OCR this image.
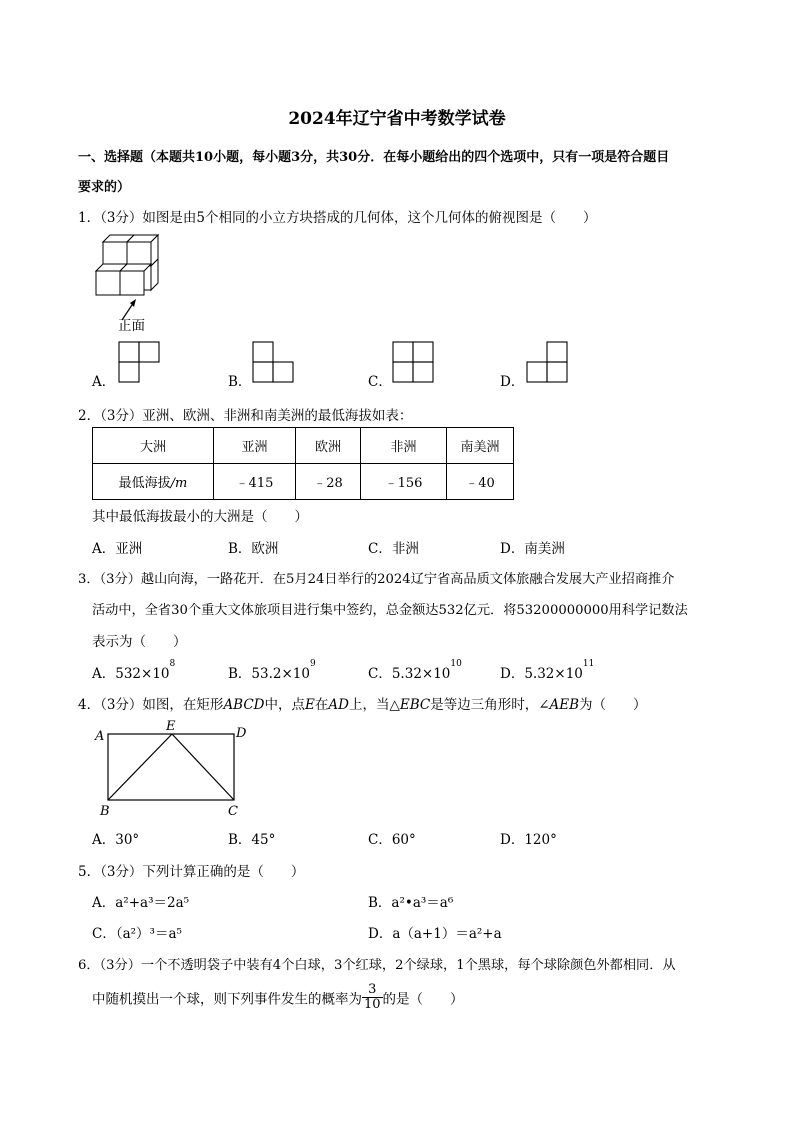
2024年辽宁省中考数学试卷
一、选择题（本题共10小题，每小题3分，共30分．在每小题给出的四个选项中，只有一项是符合题目
要求的）
1．（3分）如图是由5个相同的小立方块搭成的几何体，这个几何体的俯视图是（　　）
正面
A．	B．	C．	D．
2．（3分）亚洲、欧洲、非洲和南美洲的最低海拔如表：
大洲	亚洲	欧洲	非洲	南美洲
最低海拔/m	﹣415	﹣28	﹣156	﹣40
其中最低海拔最小的大洲是（　　）
A．亚洲	B．欧洲	C．非洲	D．南美洲
3．（3分）越山向海，一路花开．在5月24日举行的2024辽宁省高品质文体旅融合发展大产业招商推介
活动中，全省30个重大文体旅项目进行集中签约，总金额达532亿元．将53200000000用科学记数法
表示为（　　）
A．$532\times 10^8$
B．$53.2\times 10^9$
C．$5.32\times 10^{10}$
D．$5.32\times 10^{11}$
4．（3分）如图，在矩形ABCD中，点E在AD上，当△EBC是等边三角形时，∠AEB为（　　）
A
E	D
B	C
A．30°	B．45°	C．60°	D．120°
5．（3分）下列计算正确的是（　　）
A．a²+a³＝2a⁵	B．a²•a³＝a⁶
C．（a²）³＝a⁵	D．a（a+1）＝a²+a
6．（3分）一个不透明袋子中装有4个白球，3个红球，2个绿球，1个黑球，每个球除颜色外都相同．从
中随机摸出一个球，则下列事件发生的概率为 $\frac{3}{10}$ 的是（　　）
